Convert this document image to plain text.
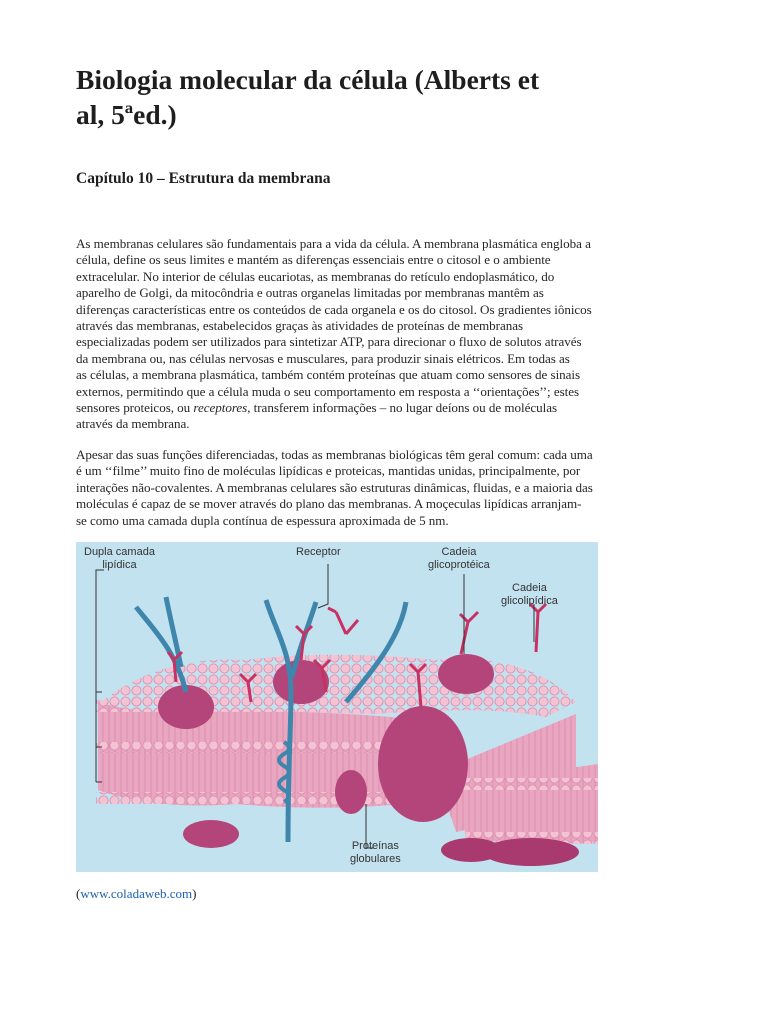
Biologia molecular da célula (Alberts et
al, 5ªed.)
Capítulo 10 – Estrutura da membrana

As membranas celulares são fundamentais para a vida da célula. A membrana plasmática engloba a
célula, define os seus limites e mantém as diferenças essenciais entre o citosol e o ambiente
extracelular. No interior de células eucariotas, as membranas do retículo endoplasmático, do
aparelho de Golgi, da mitocôndria e outras organelas limitadas por membranas mantêm as
diferenças características entre os conteúdos de cada organela e os do citosol. Os gradientes iônicos
através das membranas, estabelecidos graças às atividades de proteínas de membranas
especializadas podem ser utilizados para sintetizar ATP, para direcionar o fluxo de solutos através
da membrana ou, nas células nervosas e musculares, para produzir sinais elétricos. Em todas as
as células, a membrana plasmática, também contém proteínas que atuam como sensores de sinais
externos, permitindo que a célula muda o seu comportamento em resposta a ‘‘orientações’’; estes
sensores proteicos, ou receptores, transferem informações – no lugar deíons ou de moléculas
através da membrana.

Apesar das suas funções diferenciadas, todas as membranas biológicas têm geral comum: cada uma
é um ‘‘filme’’ muito fino de moléculas lipídicas e proteicas, mantidas unidas, principalmente, por
interações não-covalentes. A membranas celulares são estruturas dinâmicas, fluidas, e a maioria das
moléculas é capaz de se mover através do plano das membranas. A moçeculas lipídicas arranjam-
se como uma camada dupla contínua de espessura aproximada de 5 nm.

Dupla camada
lipídica
Receptor	Cadeia
glicoprotéica
Cadeia
glicolipídica
Proteínas
globulares
(www.coladaweb.com)
